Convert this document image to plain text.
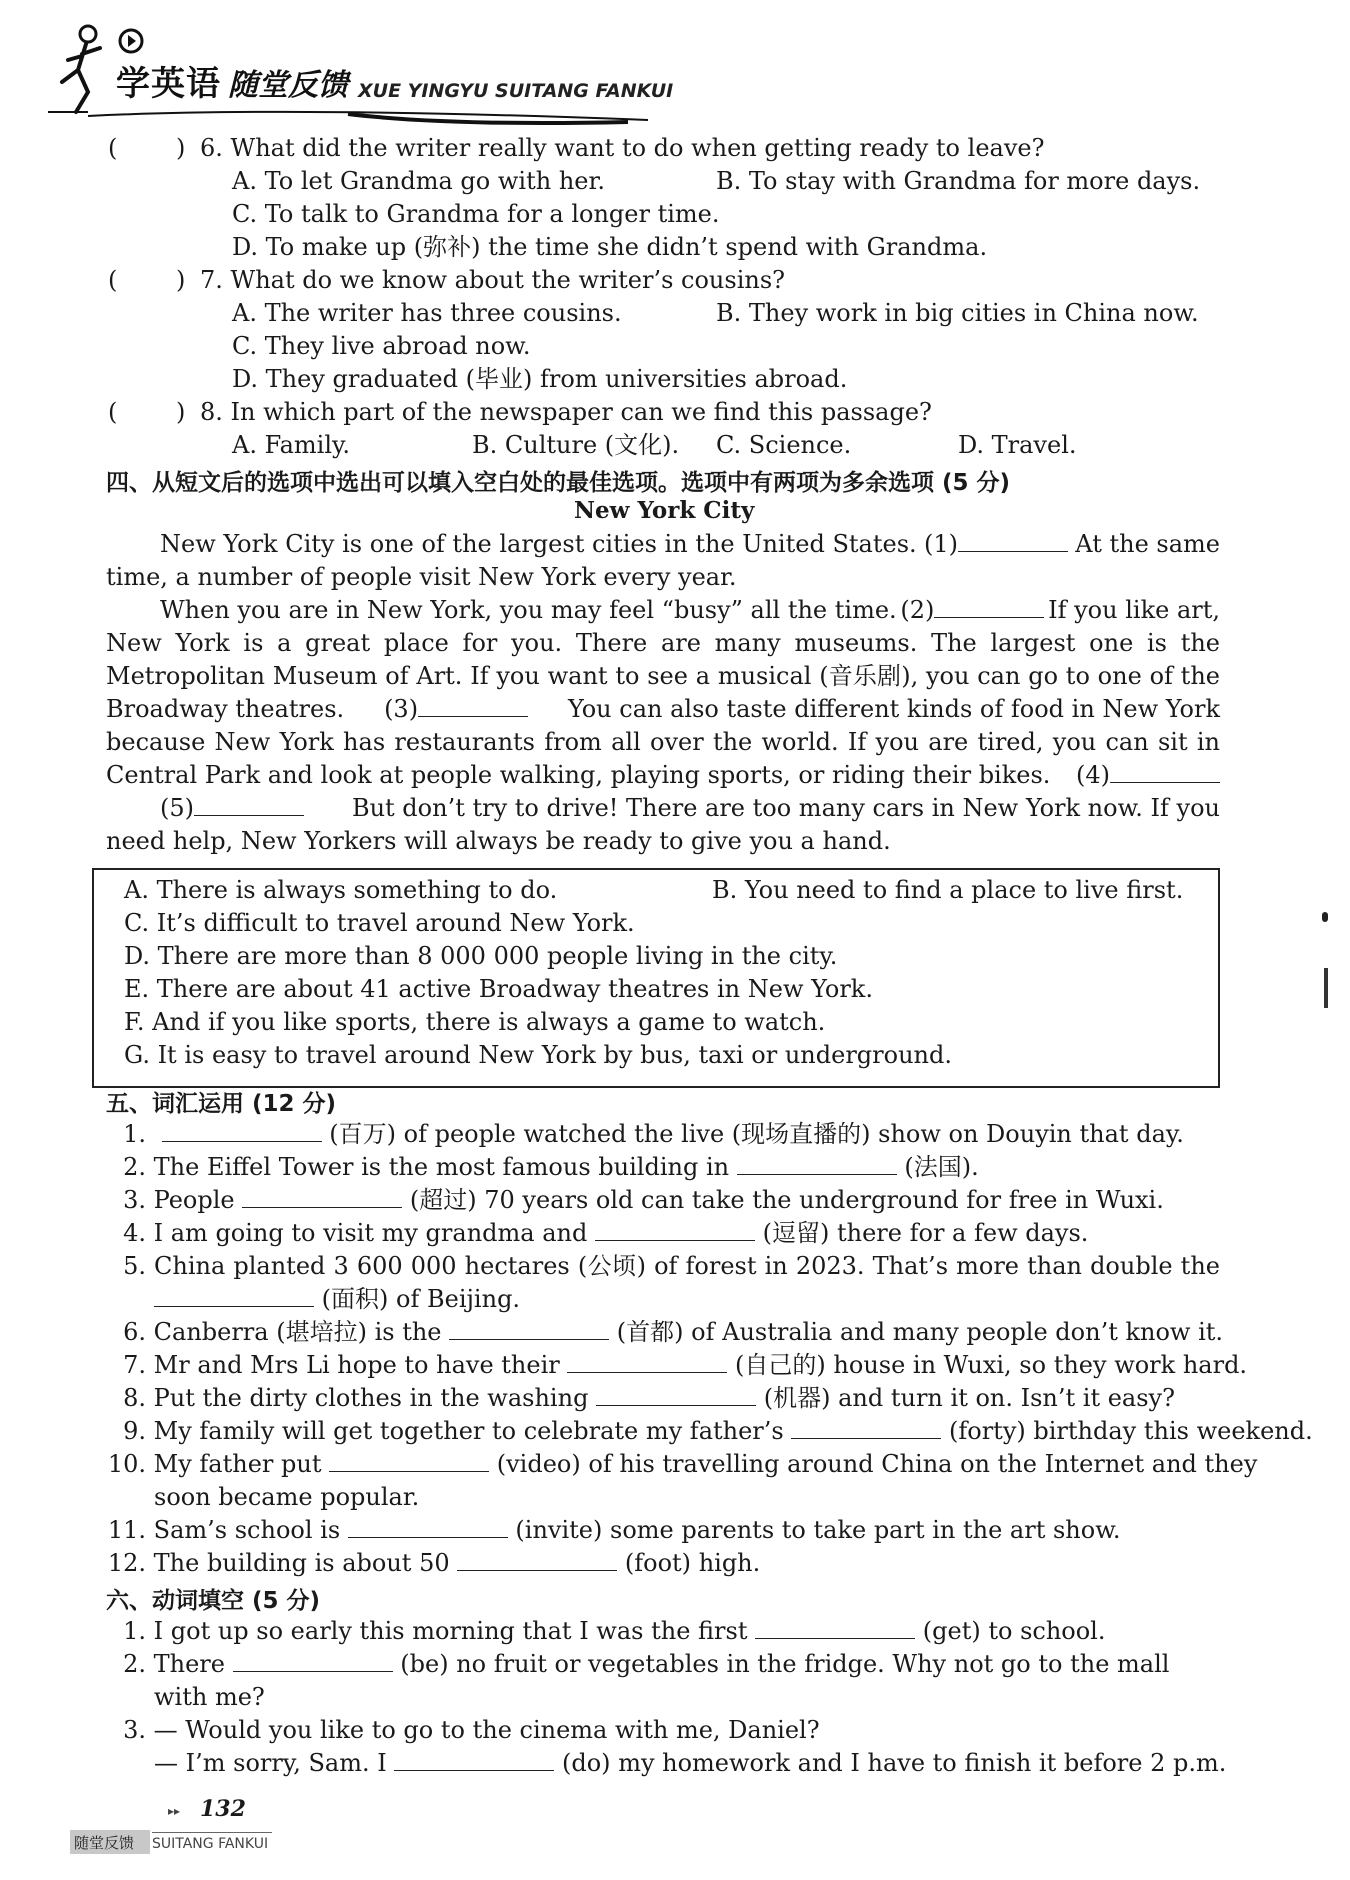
学英语 随堂反馈 XUE YINGYU SUITANG FANKUI
( ) 6. What did the writer really want to do when getting ready to leave?
A. To let Grandma go with her.	B. To stay with Grandma for more days.
C. To talk to Grandma for a longer time.
D. To make up (弥补) the time she didn’t spend with Grandma.
( ) 7. What do we know about the writer’s cousins?
A. The writer has three cousins.	B. They work in big cities in China now.
C. They live abroad now.
D. They graduated (毕业) from universities abroad.
( ) 8. In which part of the newspaper can we find this passage?
A. Family.	B. Culture (文化). C. Science.	D. Travel.
四、从短文后的选项中选出可以填入空白处的最佳选项。选项中有两项为多余选项 (5 分)
New York City
New York City is one of the largest cities in the United States. (1)	At the same
time, a number of people visit New York every year.
When you are in New York, you may feel “busy” all the time. (2)	If you like art,
New York is a great place for you. There are many museums. The largest one is the
Metropolitan Museum of Art. If you want to see a musical (音乐剧), you can go to one of the
Broadway theatres. (3)	You can also taste different kinds of food in New York
because New York has restaurants from all over the world. If you are tired, you can sit in
Central Park and look at people walking, playing sports, or riding their bikes. (4)
(5)	But don’t try to drive! There are too many cars in New York now. If you
need help, New Yorkers will always be ready to give you a hand.
A. There is always something to do.	B. You need to find a place to live first.
C. It’s difficult to travel around New York.
D. There are more than 8 000 000 people living in the city.
E. There are about 41 active Broadway theatres in New York.
F. And if you like sports, there is always a game to watch.
G. It is easy to travel around New York by bus, taxi or underground.
五、词汇运用 (12 分)
1.	(百万) of people watched the live (现场直播的) show on Douyin that day.
2. The Eiffel Tower is the most famous building in	(法国).
3. People	(超过) 70 years old can take the underground for free in Wuxi.
4. I am going to visit my grandma and	(逗留) there for a few days.
5. China planted 3 600 000 hectares (公顷) of forest in 2023. That’s more than double the
(面积) of Beijing.
6. Canberra (堪培拉) is the	(首都) of Australia and many people don’t know it.
7. Mr and Mrs Li hope to have their	(自己的) house in Wuxi, so they work hard.
8. Put the dirty clothes in the washing	(机器) and turn it on. Isn’t it easy?
9. My family will get together to celebrate my father’s	(forty) birthday this weekend.
10. My father put	(video) of his travelling around China on the Internet and they
soon became popular.
11. Sam’s school is	(invite) some parents to take part in the art show.
12. The building is about 50	(foot) high.
六、动词填空 (5 分)
1. I got up so early this morning that I was the first	(get) to school.
2. There	(be) no fruit or vegetables in the fridge. Why not go to the mall
with me?
3. — Would you like to go to the cinema with me, Daniel?
— I’m sorry, Sam. I	(do) my homework and I have to finish it before 2 p.m.
▸▸ 132
随堂反馈 SUITANG FANKUI
